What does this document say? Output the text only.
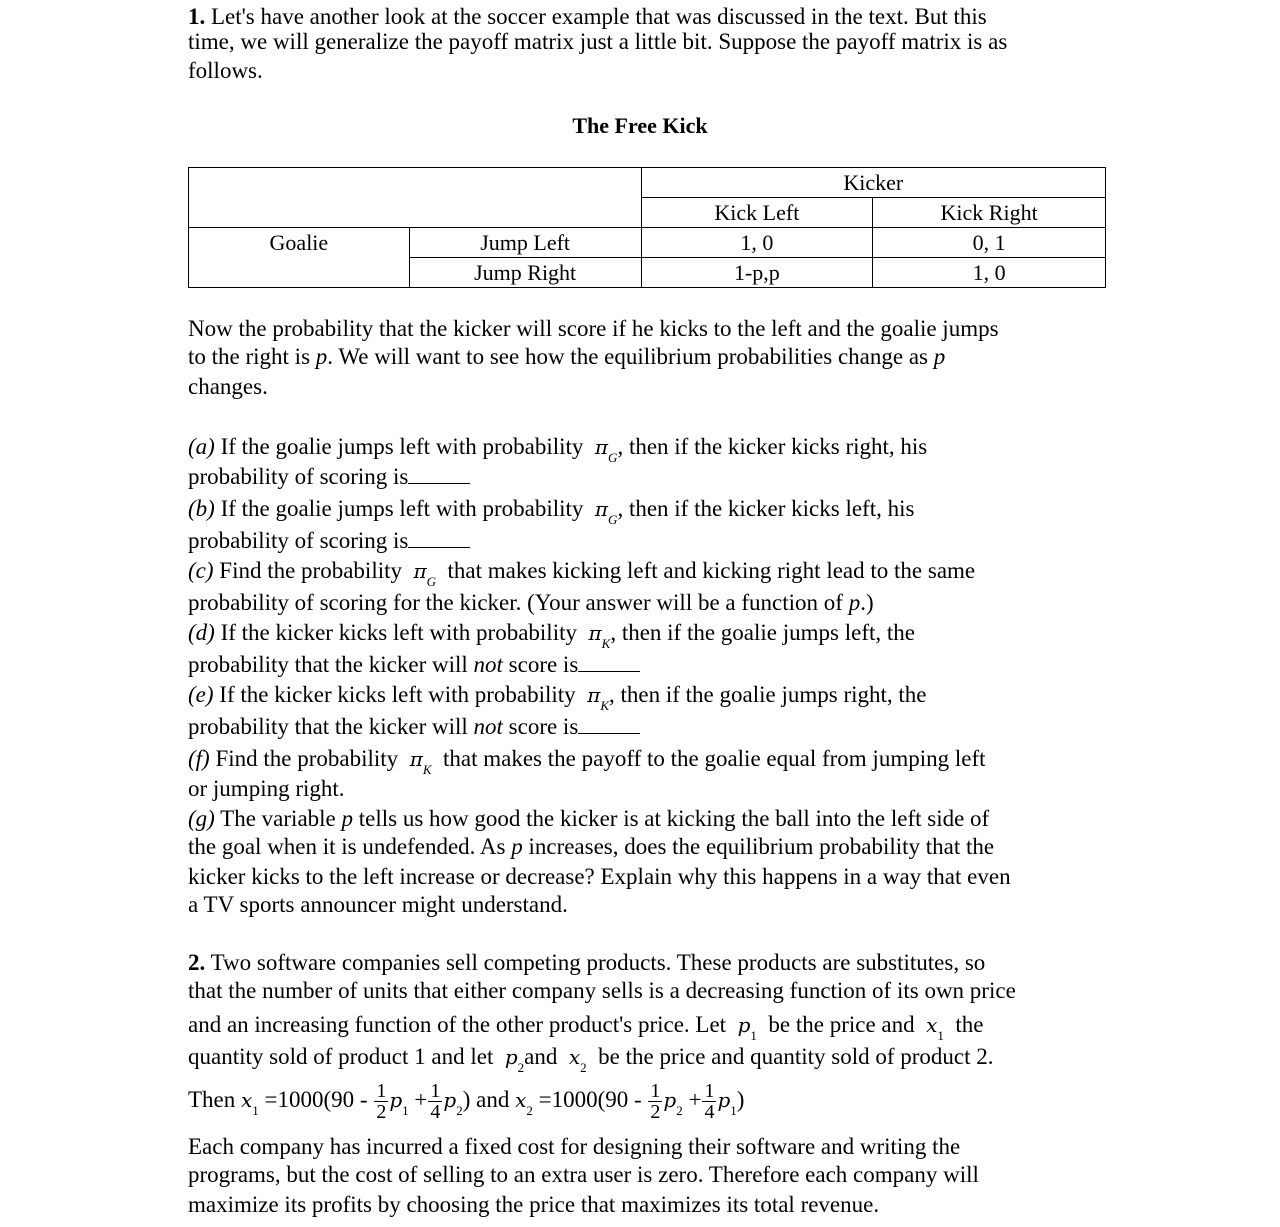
1. Let's have another look at the soccer example that was discussed in the text. But this
time, we will generalize the payoff matrix just a little bit. Suppose the payoff matrix is as
follows.
The Free Kick
		Kicker	
		Kick Left	Kick Right
Goalie	Jump Left	1, 0	0, 1
	Jump Right	1-p,p	1, 0
Now the probability that the kicker will score if he kicks to the left and the goalie jumps
to the right is p. We will want to see how the equilibrium probabilities change as p
changes.
(a) If the goalie jumps left with probability $\pi_G$, then if the kicker kicks right, his
probability of scoring is
(b) If the goalie jumps left with probability $\pi_G$, then if the kicker kicks left, his
probability of scoring is
(c) Find the probability $\pi_G$ that makes kicking left and kicking right lead to the same
probability of scoring for the kicker. (Your answer will be a function of p.)
(d) If the kicker kicks left with probability $\pi_K$, then if the goalie jumps left, the
probability that the kicker will not score is
(e) If the kicker kicks left with probability $\pi_K$, then if the goalie jumps right, the
probability that the kicker will not score is
(f) Find the probability $\pi_K$ that makes the payoff to the goalie equal from jumping left
or jumping right.
(g) The variable p tells us how good the kicker is at kicking the ball into the left side of
the goal when it is undefended. As p increases, does the equilibrium probability that the
kicker kicks to the left increase or decrease? Explain why this happens in a way that even
a TV sports announcer might understand.
2. Two software companies sell competing products. These products are substitutes, so
that the number of units that either company sells is a decreasing function of its own price
and an increasing function of the other product's price. Let $p_1$ be the price and $x_1$ the
quantity sold of product 1 and let $p_2and$ $x_2$ be the price and quantity sold of product 2.
Then $x_1 =1000(90 - \frac{1}{2} p_1 + \frac{1}{4} p_2)$ and $x_2 =1000(90 - \frac{1}{2} p_2 + \frac{1}{4} p_1)$
Each company has incurred a fixed cost for designing their software and writing the
programs, but the cost of selling to an extra user is zero. Therefore each company will
maximize its profits by choosing the price that maximizes its total revenue.
